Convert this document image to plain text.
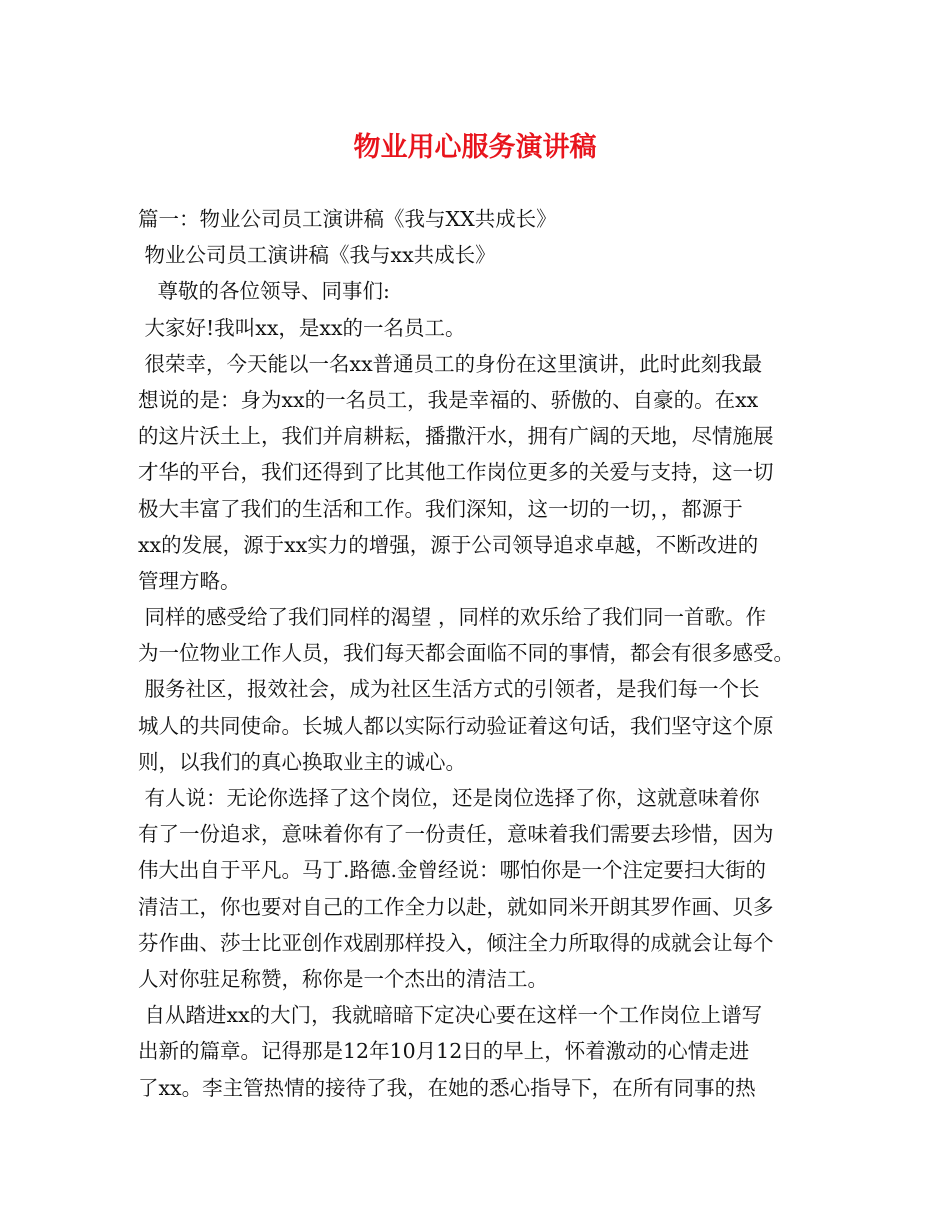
物业用心服务演讲稿
篇一：物业公司员工演讲稿《我与XX共成长》
物业公司员工演讲稿《我与xx共成长》
尊敬的各位领导、同事们:
大家好!我叫xx，是xx的一名员工。
很荣幸，今天能以一名xx普通员工的身份在这里演讲，此时此刻我最
想说的是：身为xx的一名员工，我是幸福的、骄傲的、自豪的。在xx
的这片沃土上，我们并肩耕耘，播撒汗水，拥有广阔的天地，尽情施展
才华的平台，我们还得到了比其他工作岗位更多的关爱与支持，这一切
极大丰富了我们的生活和工作。我们深知，这一切的一切，，都源于
xx的发展，源于xx实力的增强，源于公司领导追求卓越，不断改进的
管理方略。
同样的感受给了我们同样的渴望 ，同样的欢乐给了我们同一首歌。作
为一位物业工作人员，我们每天都会面临不同的事情，都会有很多感受。
服务社区，报效社会，成为社区生活方式的引领者，是我们每一个长
城人的共同使命。长城人都以实际行动验证着这句话，我们坚守这个原
则，以我们的真心换取业主的诚心。
有人说：无论你选择了这个岗位，还是岗位选择了你，这就意味着你
有了一份追求，意味着你有了一份责任，意味着我们需要去珍惜，因为
伟大出自于平凡。马丁.路德.金曾经说：哪怕你是一个注定要扫大街的
清洁工，你也要对自己的工作全力以赴，就如同米开朗其罗作画、贝多
芬作曲、莎士比亚创作戏剧那样投入，倾注全力所取得的成就会让每个
人对你驻足称赞，称你是一个杰出的清洁工。
自从踏进xx的大门，我就暗暗下定决心要在这样一个工作岗位上谱写
出新的篇章。记得那是12年10月12日的早上，怀着激动的心情走进
了xx。李主管热情的接待了我，在她的悉心指导下，在所有同事的热
